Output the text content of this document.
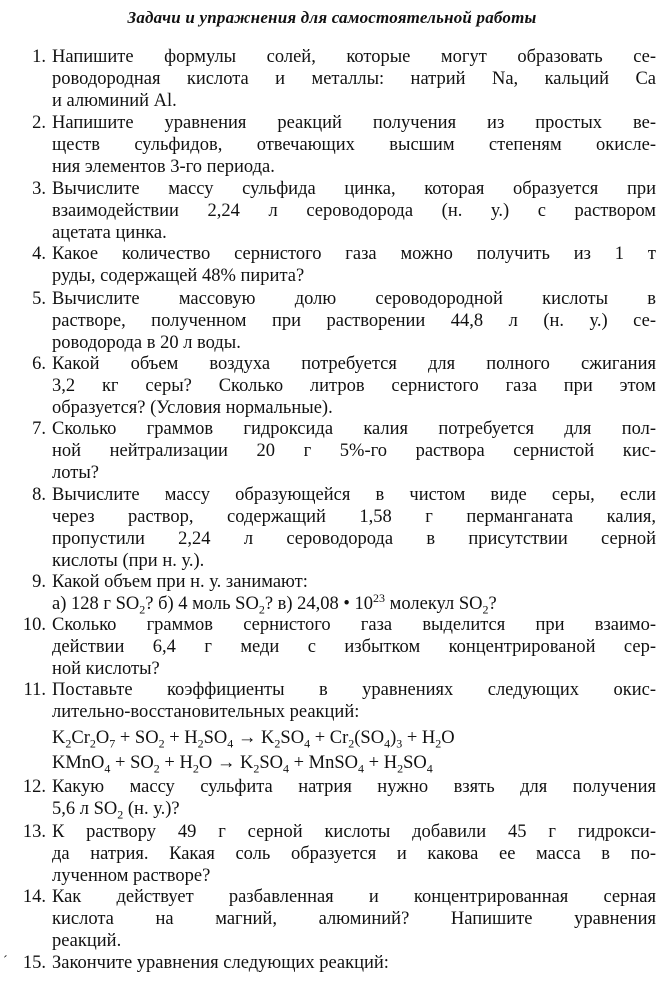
Задачи и упражнения для самостоятельной работы
1. Напишите формулы солей, которые могут образовать се-
роводородная кислота и металлы: натрий Na, кальций Са
и алюминий Al.
2. Напишите уравнения реакций получения из простых ве-
ществ сульфидов, отвечающих высшим степеням окисле-
ния элементов 3-го периода.
3. Вычислите массу сульфида цинка, которая образуется при
взаимодействии 2,24 л сероводорода (н. у.) с раствором
ацетата цинка.
4. Какое количество сернистого газа можно получить из 1 т
руды, содержащей 48% пирита?
5. Вычислите массовую долю сероводородной кислоты в
растворе, полученном при растворении 44,8 л (н. у.) се-
роводорода в 20 л воды.
6. Какой объем воздуха потребуется для полного сжигания
3,2 кг серы? Сколько литров сернистого газа при этом
образуется? (Условия нормальные).
7. Сколько граммов гидроксида калия потребуется для пол-
ной нейтрализации 20 г 5%-го раствора сернистой кис-
лоты?
8. Вычислите массу образующейся в чистом виде серы, если
через раствор, содержащий 1,58 г перманганата калия,
пропустили 2,24 л сероводорода в присутствии серной
кислоты (при н. у.).
9. Какой объем при н. у. занимают:
а) 128 г $SO_2$? б) 4 моль $SO_2$? в) 24,08 • $10^{23}$ молекул $SO_2$?
10. Сколько граммов сернистого газа выделится при взаимо-
действии 6,4 г меди с избытком концентрированой сер-
ной кислоты?
11. Поставьте коэффициенты в уравнениях следующих окис-
лительно-восстановительных реакций:
$K_2Cr_2O_7 + SO_2 + H_2SO_4 \to K_2SO_4 + Cr_2(SO_4)_3 + H_2O$
KMnO$_4$ + $SO_2 + H_2O \to K_2SO_4$ + MnSO$_4$ + $H_2SO_4$
12. Какую массу сульфита натрия нужно взять для получения
5,6 л $SO_2$ (н. у.)?
13. К раствору 49 г серной кислоты добавили 45 г гидрокси-
да натрия. Какая соль образуется и какова ее масса в по-
лученном растворе?
14. Как действует разбавленная и концентрированная серная
кислота на магний, алюминий? Напишите уравнения
реакций.
15. Закончите уравнения следующих реакций:
ˊ
